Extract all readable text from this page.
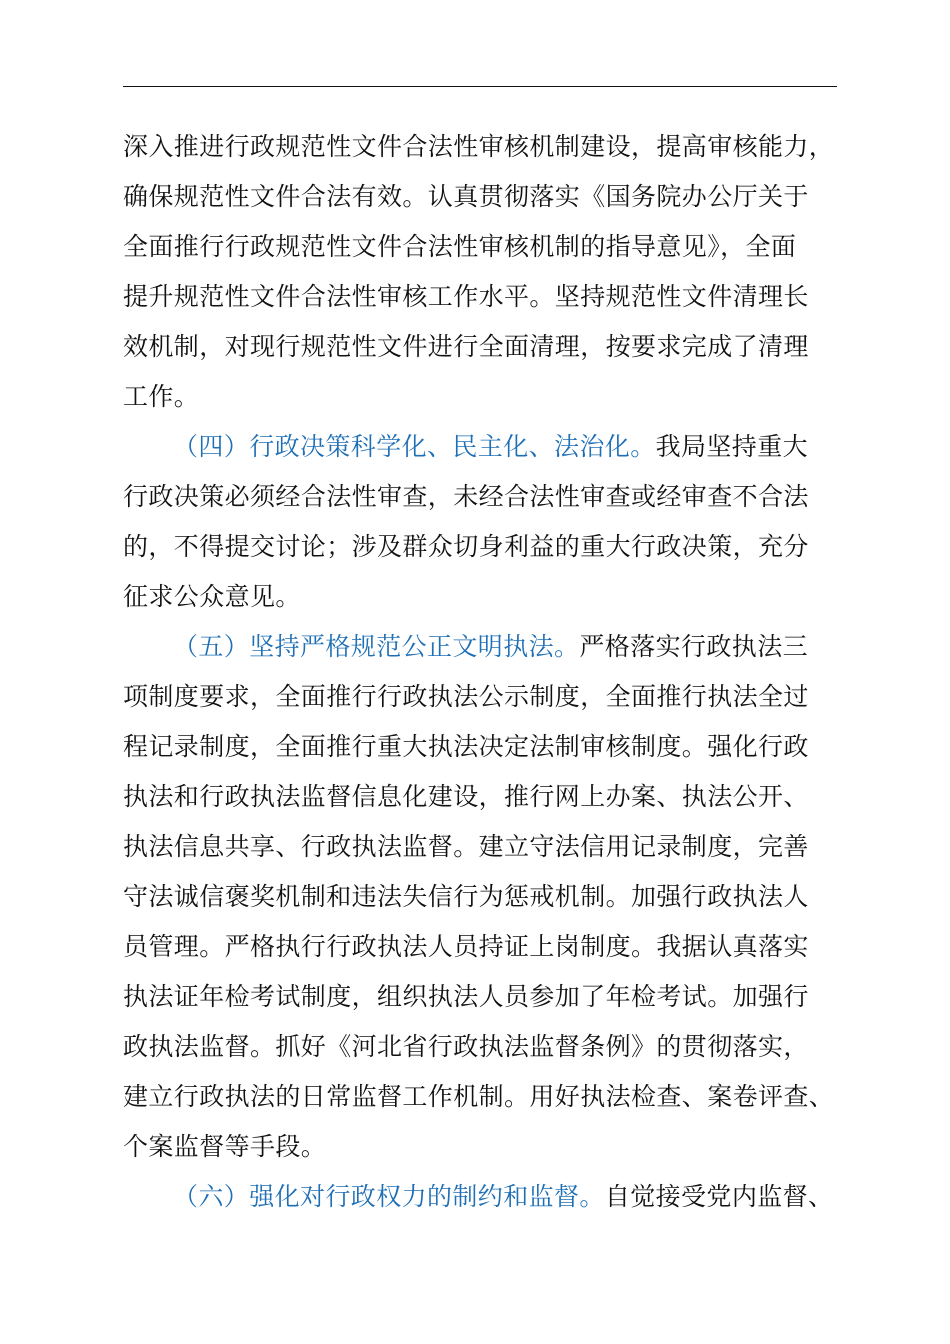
深入推进行政规范性文件合法性审核机制建设，提高审核能力，
确保规范性文件合法有效。认真贯彻落实《国务院办公厅关于
全面推行行政规范性文件合法性审核机制的指导意见》，全面
提升规范性文件合法性审核工作水平。坚持规范性文件清理长
效机制，对现行规范性文件进行全面清理，按要求完成了清理
工作。
（四）行政决策科学化、民主化、法治化。我局坚持重大
行政决策必须经合法性审查，未经合法性审查或经审查不合法
的，不得提交讨论；涉及群众切身利益的重大行政决策，充分
征求公众意见。
（五）坚持严格规范公正文明执法。严格落实行政执法三
项制度要求，全面推行行政执法公示制度，全面推行执法全过
程记录制度，全面推行重大执法决定法制审核制度。强化行政
执法和行政执法监督信息化建设，推行网上办案、执法公开、
执法信息共享、行政执法监督。建立守法信用记录制度，完善
守法诚信褒奖机制和违法失信行为惩戒机制。加强行政执法人
员管理。严格执行行政执法人员持证上岗制度。我据认真落实
执法证年检考试制度，组织执法人员参加了年检考试。加强行
政执法监督。抓好《河北省行政执法监督条例》的贯彻落实，
建立行政执法的日常监督工作机制。用好执法检查、案卷评查、
个案监督等手段。
（六）强化对行政权力的制约和监督。自觉接受党内监督、
